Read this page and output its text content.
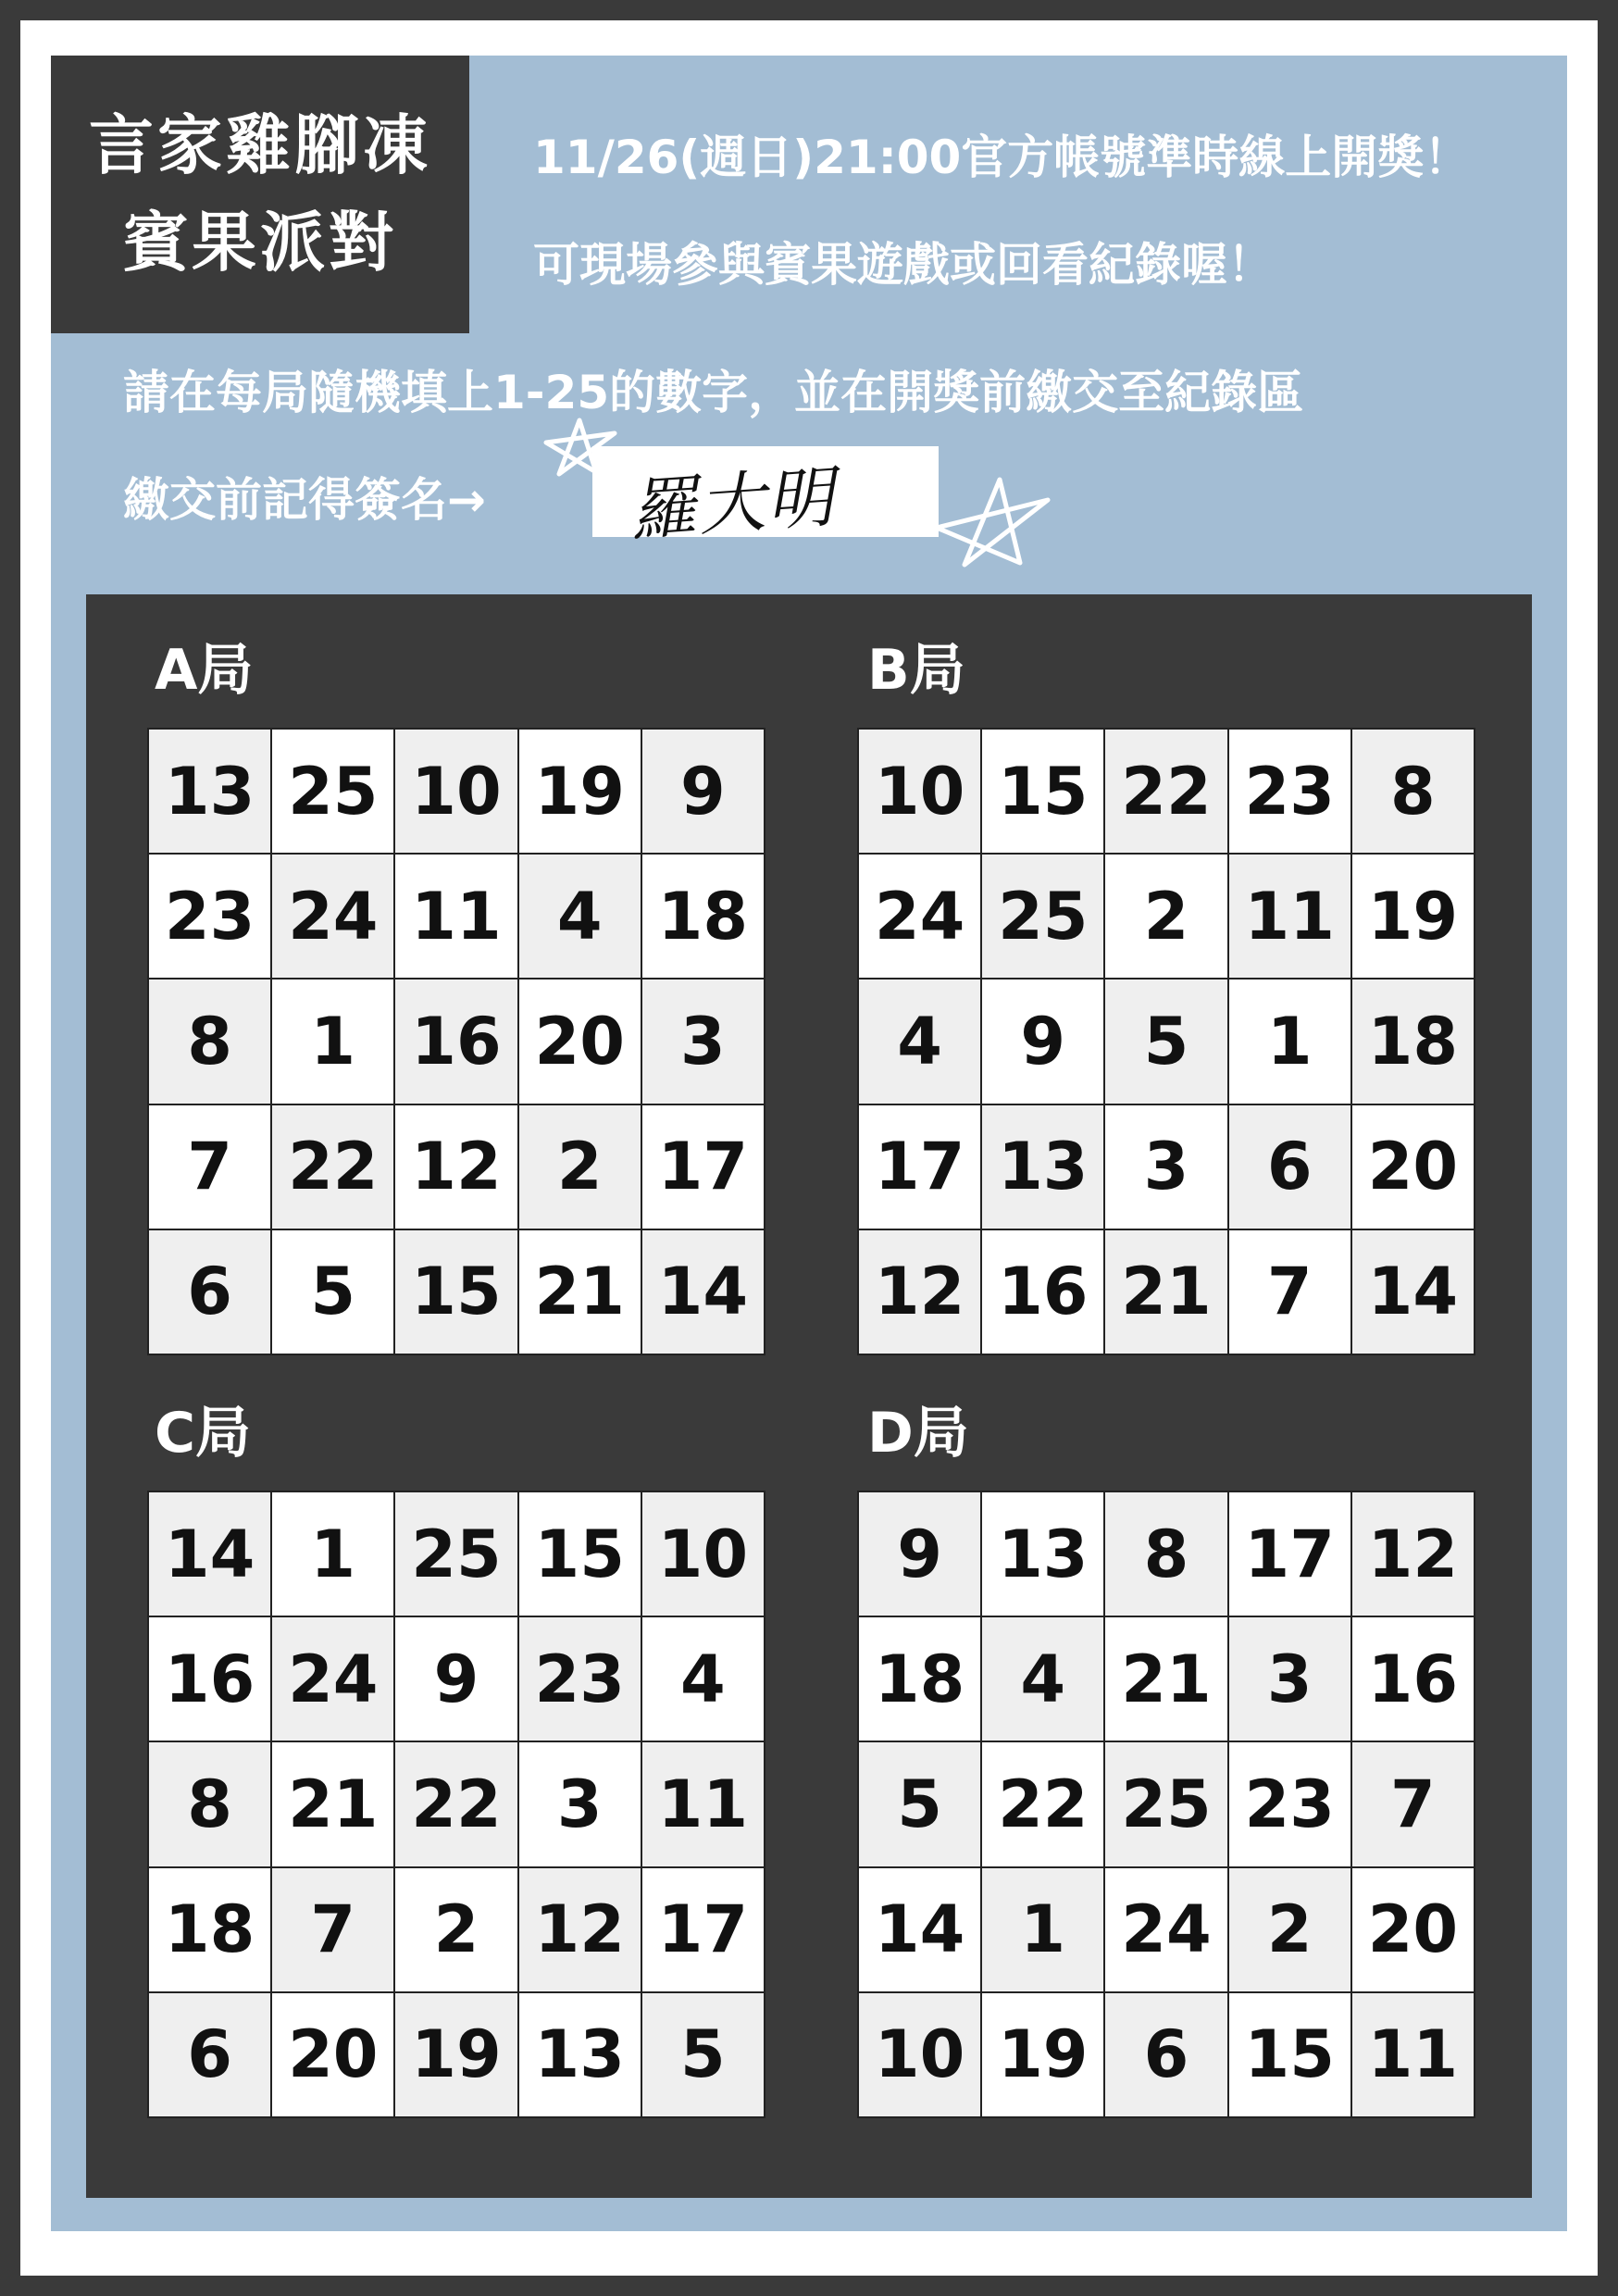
言家雞腳凍
賓果派對
11/26(週日)21:00官方帳號準時線上開獎！
可現場參與賓果遊戲或回看紀錄喔！
請在每局隨機填上1-25的數字，並在開獎前繳交至紀錄區
繳交前記得簽名→ 羅大明
A局	B局
C局	D局
13 25 10 19 9
23 24 11 4 18
8	1 16 20 3
7 22 12 2 17
6	5 15 21 14
10 15 22 23 8
24 25 2 11 19
4	9	5	1 18
17 13 3	6 20
12 16 21 7 14
14 1 25 15 10
16 24 9 23 4
8 21 22 3 11
18 7	2 12 17
6 20 19 13 5
9 13 8 17 12
18 4 21 3 16
5 22 25 23 7
14 1 24 2 20
10 19 6 15 11
